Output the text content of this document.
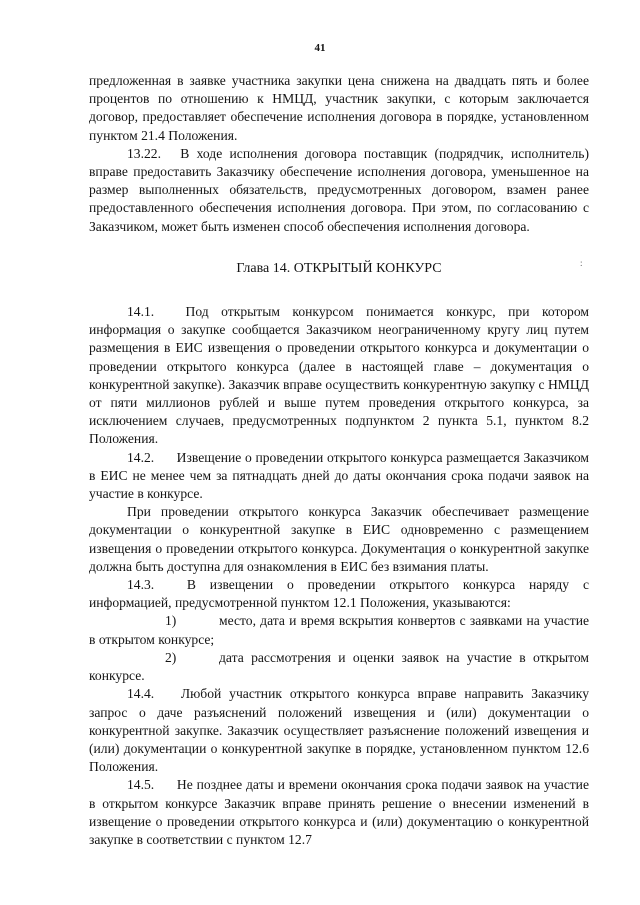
41

предложенная в заявке участника закупки цена снижена на двадцать пять и более процентов по отношению к НМЦД, участник закупки, с которым заключается договор, предоставляет обеспечение исполнения договора в порядке, установленном пунктом 21.4 Положения.

13.22. В ходе исполнения договора поставщик (подрядчик, исполнитель) вправе предоставить Заказчику обеспечение исполнения договора, уменьшенное на размер выполненных обязательств, предусмотренных договором, взамен ранее предоставленного обеспечения исполнения договора. При этом, по согласованию с Заказчиком, может быть изменен способ обеспечения исполнения договора.

Глава 14. ОТКРЫТЫЙ КОНКУРС

14.1. Под открытым конкурсом понимается конкурс, при котором информация о закупке сообщается Заказчиком неограниченному кругу лиц путем размещения в ЕИС извещения о проведении открытого конкурса и документации о проведении открытого конкурса (далее в настоящей главе – документация о конкурентной закупке). Заказчик вправе осуществить конкурентную закупку с НМЦД от пяти миллионов рублей и выше путем проведения открытого конкурса, за исключением случаев, предусмотренных подпунктом 2 пункта 5.1, пунктом 8.2 Положения.

14.2. Извещение о проведении открытого конкурса размещается Заказчиком в ЕИС не менее чем за пятнадцать дней до даты окончания срока подачи заявок на участие в конкурсе.

При проведении открытого конкурса Заказчик обеспечивает размещение документации о конкурентной закупке в ЕИС одновременно с размещением извещения о проведении открытого конкурса. Документация о конкурентной закупке должна быть доступна для ознакомления в ЕИС без взимания платы.

14.3. В извещении о проведении открытого конкурса наряду с информацией, предусмотренной пунктом 12.1 Положения, указываются:

1)	место, дата и время вскрытия конвертов с заявками на участие в открытом конкурсе;

2)	дата рассмотрения и оценки заявок на участие в открытом конкурсе.

14.4. Любой участник открытого конкурса вправе направить Заказчику запрос о даче разъяснений положений извещения и (или) документации о конкурентной закупке. Заказчик осуществляет разъяснение положений извещения и (или) документации о конкурентной закупке в порядке, установленном пунктом 12.6 Положения.

14.5. Не позднее даты и времени окончания срока подачи заявок на участие в открытом конкурсе Заказчик вправе принять решение о внесении изменений в извещение о проведении открытого конкурса и (или) документацию о конкурентной закупке в соответствии с пунктом 12.7

:
